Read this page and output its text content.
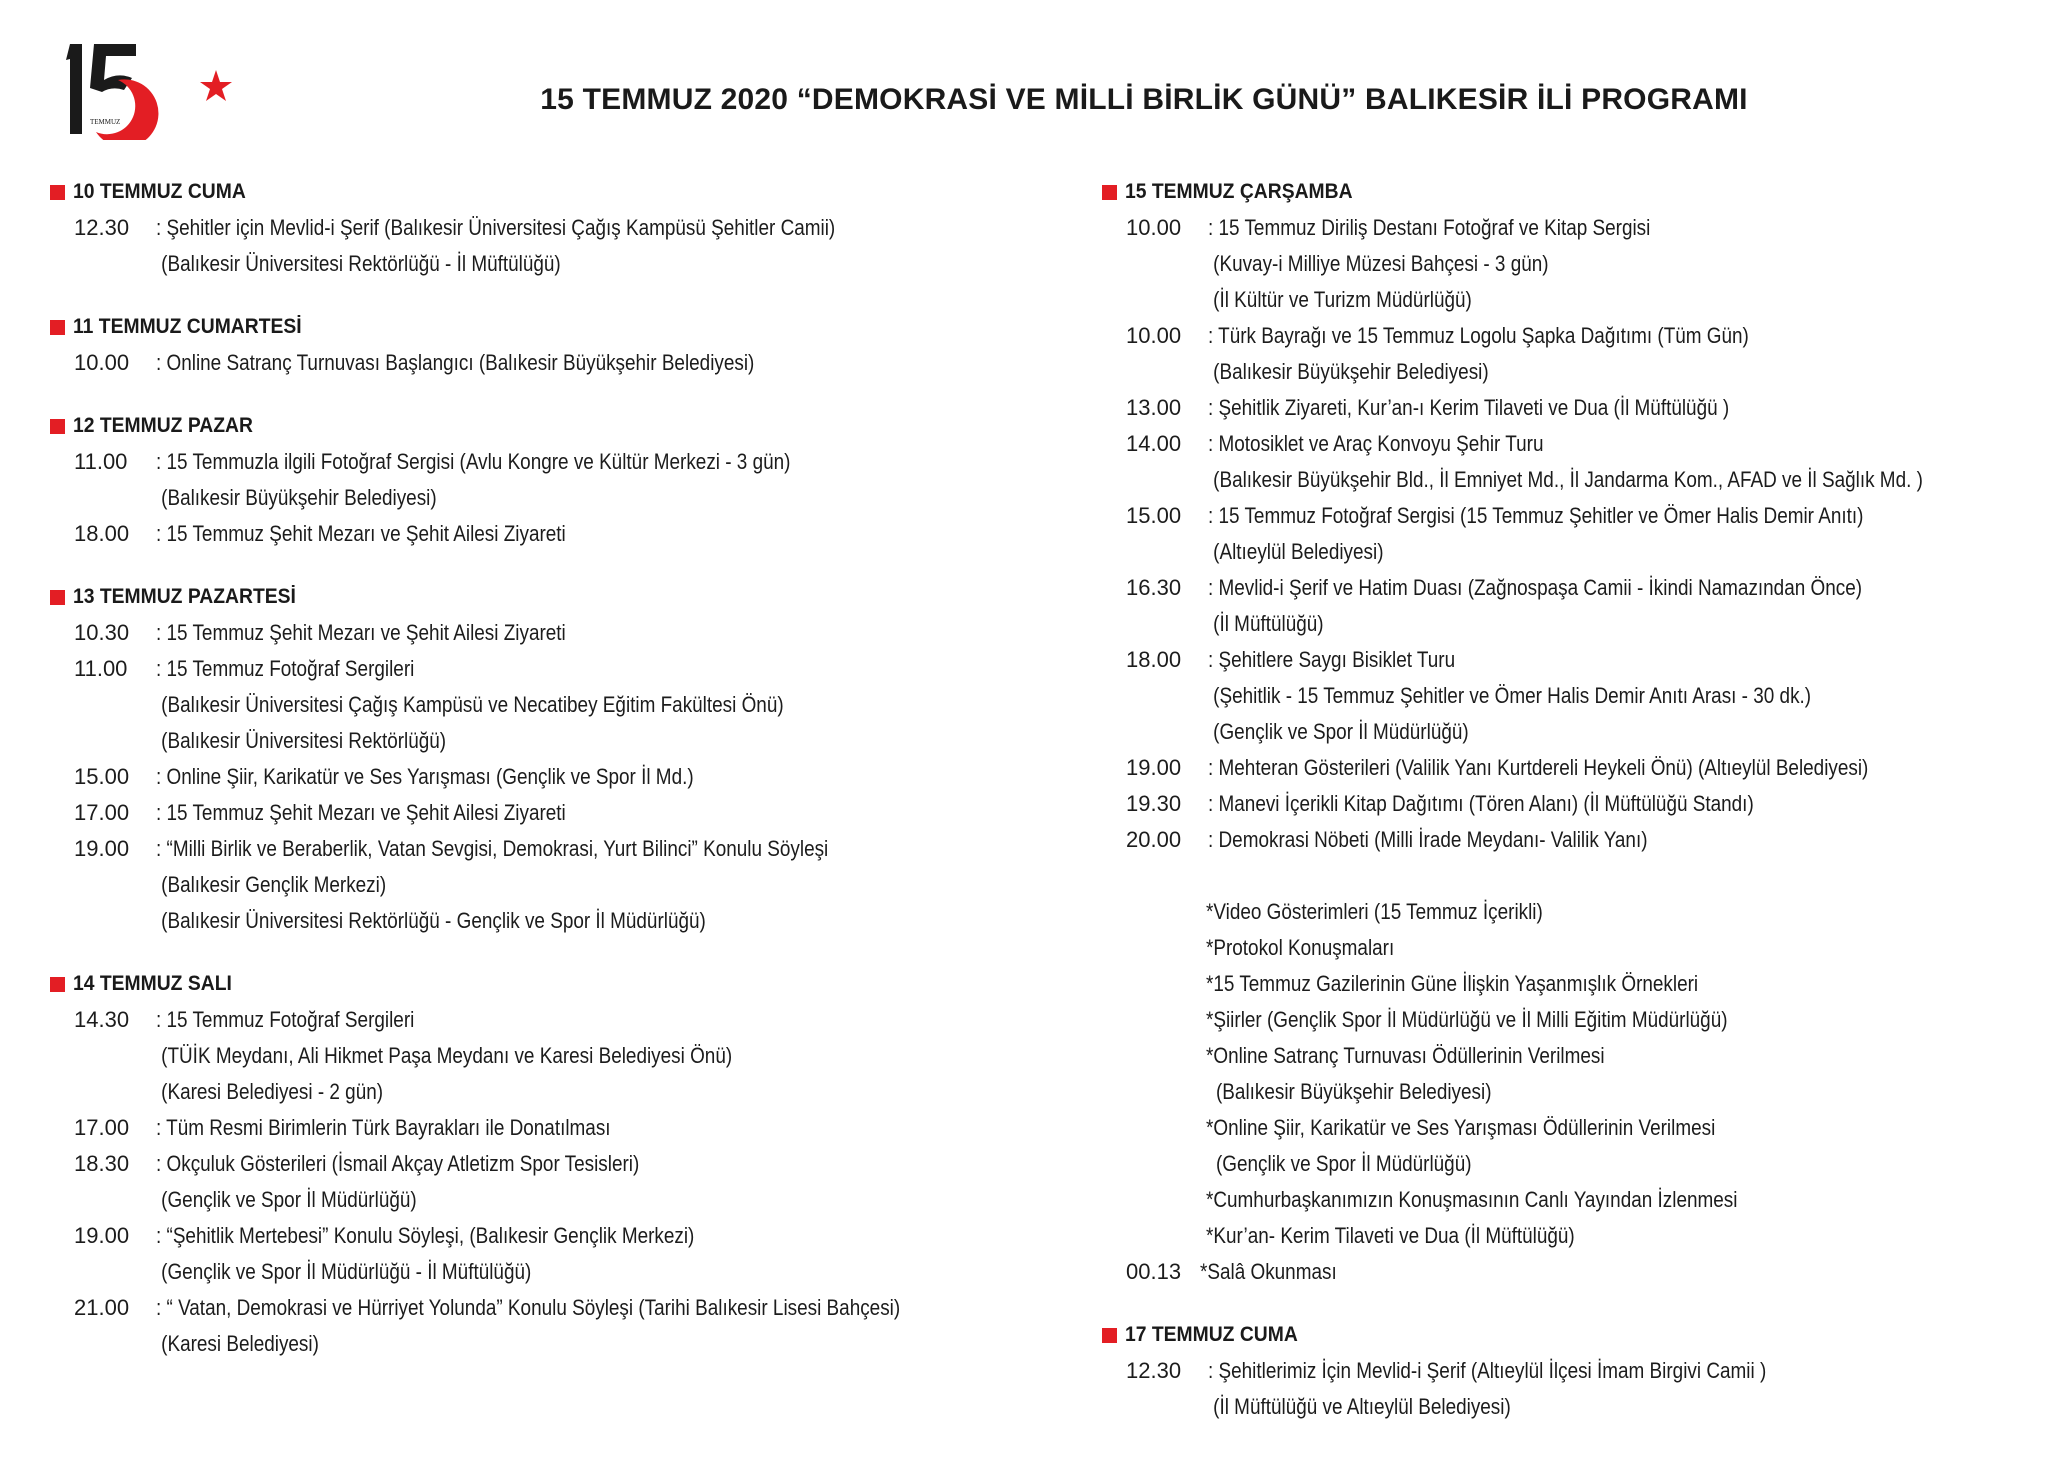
TEMMUZ
15 TEMMUZ 2020 “DEMOKRASİ VE MİLLİ BİRLİK GÜNÜ” BALIKESİR İLİ PROGRAMI
10 TEMMUZ CUMA
12.30	: Şehitler için Mevlid-i Şerif (Balıkesir Üniversitesi Çağış Kampüsü Şehitler Camii)
(Balıkesir Üniversitesi Rektörlüğü - İl Müftülüğü)
11 TEMMUZ CUMARTESİ
10.00	: Online Satranç Turnuvası Başlangıcı (Balıkesir Büyükşehir Belediyesi)
12 TEMMUZ PAZAR
11.00	: 15 Temmuzla ilgili Fotoğraf Sergisi (Avlu Kongre ve Kültür Merkezi - 3 gün)
(Balıkesir Büyükşehir Belediyesi)
18.00	: 15 Temmuz Şehit Mezarı ve Şehit Ailesi Ziyareti
13 TEMMUZ PAZARTESİ
10.30	: 15 Temmuz Şehit Mezarı ve Şehit Ailesi Ziyareti
11.00	: 15 Temmuz Fotoğraf Sergileri
(Balıkesir Üniversitesi Çağış Kampüsü ve Necatibey Eğitim Fakültesi Önü)
(Balıkesir Üniversitesi Rektörlüğü)
15.00	: Online Şiir, Karikatür ve Ses Yarışması (Gençlik ve Spor İl Md.)
17.00	: 15 Temmuz Şehit Mezarı ve Şehit Ailesi Ziyareti
19.00	: “Milli Birlik ve Beraberlik, Vatan Sevgisi, Demokrasi, Yurt Bilinci” Konulu Söyleşi
(Balıkesir Gençlik Merkezi)
(Balıkesir Üniversitesi Rektörlüğü - Gençlik ve Spor İl Müdürlüğü)
14 TEMMUZ SALI
14.30	: 15 Temmuz Fotoğraf Sergileri
(TÜİK Meydanı, Ali Hikmet Paşa Meydanı ve Karesi Belediyesi Önü)
(Karesi Belediyesi - 2 gün)
17.00	: Tüm Resmi Birimlerin Türk Bayrakları ile Donatılması
18.30	: Okçuluk Gösterileri (İsmail Akçay Atletizm Spor Tesisleri)
(Gençlik ve Spor İl Müdürlüğü)
19.00	: “Şehitlik Mertebesi” Konulu Söyleşi, (Balıkesir Gençlik Merkezi)
(Gençlik ve Spor İl Müdürlüğü - İl Müftülüğü)
21.00	: “ Vatan, Demokrasi ve Hürriyet Yolunda” Konulu Söyleşi (Tarihi Balıkesir Lisesi Bahçesi)
(Karesi Belediyesi)
15 TEMMUZ ÇARŞAMBA
10.00	: 15 Temmuz Diriliş Destanı Fotoğraf ve Kitap Sergisi
(Kuvay-i Milliye Müzesi Bahçesi - 3 gün)
(İl Kültür ve Turizm Müdürlüğü)
10.00	: Türk Bayrağı ve 15 Temmuz Logolu Şapka Dağıtımı (Tüm Gün)
(Balıkesir Büyükşehir Belediyesi)
13.00	: Şehitlik Ziyareti, Kur’an-ı Kerim Tilaveti ve Dua (İl Müftülüğü )
14.00	: Motosiklet ve Araç Konvoyu Şehir Turu
(Balıkesir Büyükşehir Bld., İl Emniyet Md., İl Jandarma Kom., AFAD ve İl Sağlık Md. )
15.00	: 15 Temmuz Fotoğraf Sergisi (15 Temmuz Şehitler ve Ömer Halis Demir Anıtı)
(Altıeylül Belediyesi)
16.30	: Mevlid-i Şerif ve Hatim Duası (Zağnospaşa Camii - İkindi Namazından Önce)
(İl Müftülüğü)
18.00	: Şehitlere Saygı Bisiklet Turu
(Şehitlik - 15 Temmuz Şehitler ve Ömer Halis Demir Anıtı Arası - 30 dk.)
(Gençlik ve Spor İl Müdürlüğü)
19.00	: Mehteran Gösterileri (Valilik Yanı Kurtdereli Heykeli Önü) (Altıeylül Belediyesi)
19.30	: Manevi İçerikli Kitap Dağıtımı (Tören Alanı) (İl Müftülüğü Standı)
20.00	: Demokrasi Nöbeti (Milli İrade Meydanı- Valilik Yanı)
*Video Gösterimleri (15 Temmuz İçerikli)
*Protokol Konuşmaları
*15 Temmuz Gazilerinin Güne İlişkin Yaşanmışlık Örnekleri
*Şiirler (Gençlik Spor İl Müdürlüğü ve İl Milli Eğitim Müdürlüğü)
*Online Satranç Turnuvası Ödüllerinin Verilmesi
(Balıkesir Büyükşehir Belediyesi)
*Online Şiir, Karikatür ve Ses Yarışması Ödüllerinin Verilmesi
(Gençlik ve Spor İl Müdürlüğü)
*Cumhurbaşkanımızın Konuşmasının Canlı Yayından İzlenmesi
*Kur’an- Kerim Tilaveti ve Dua (İl Müftülüğü)
00.13 *Salâ Okunması
17 TEMMUZ CUMA
12.30	: Şehitlerimiz İçin Mevlid-i Şerif (Altıeylül İlçesi İmam Birgivi Camii )
(İl Müftülüğü ve Altıeylül Belediyesi)
